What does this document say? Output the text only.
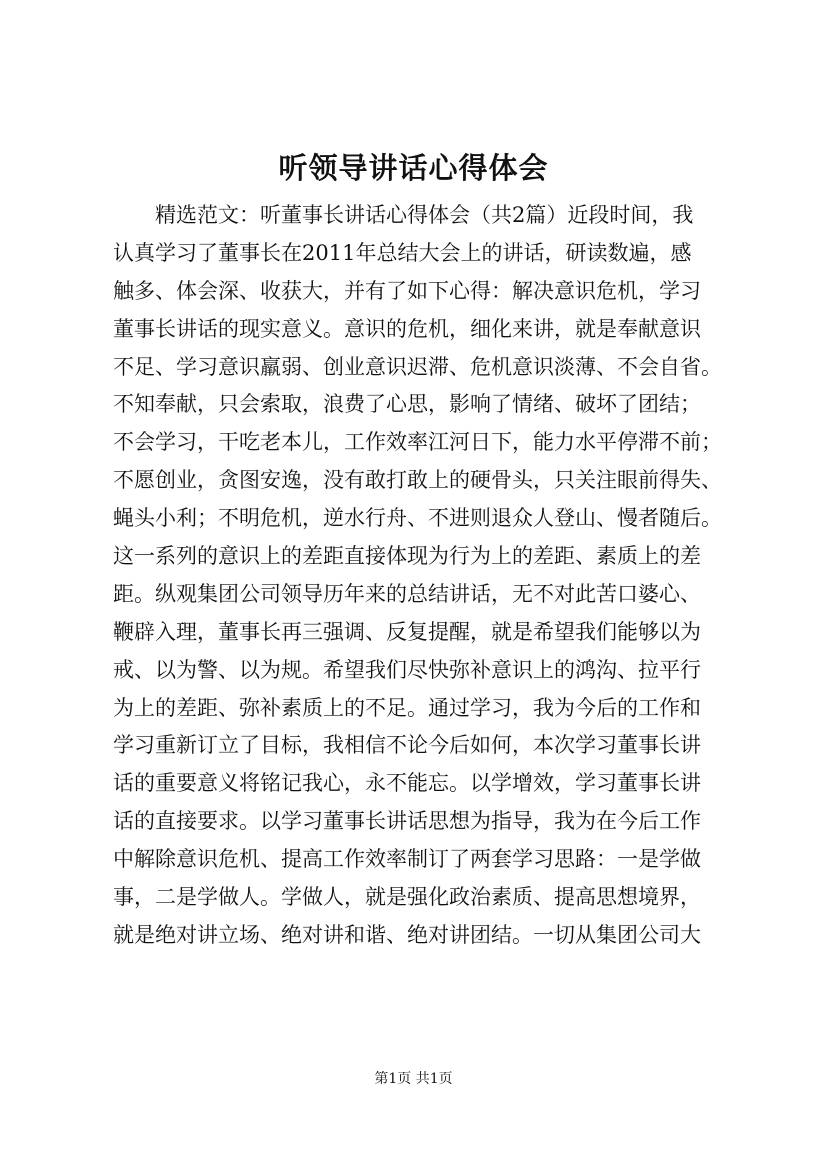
听领导讲话心得体会
精选范文：听董事长讲话心得体会（共2篇）近段时间，我
认真学习了董事长在2011年总结大会上的讲话，研读数遍，感
触多、体会深、收获大，并有了如下心得：解决意识危机，学习
董事长讲话的现实意义。意识的危机，细化来讲，就是奉献意识
不足、学习意识羸弱、创业意识迟滞、危机意识淡薄、不会自省。
不知奉献，只会索取，浪费了心思，影响了情绪、破坏了团结；
不会学习，干吃老本儿，工作效率江河日下，能力水平停滞不前；
不愿创业，贪图安逸，没有敢打敢上的硬骨头，只关注眼前得失、
蝇头小利；不明危机，逆水行舟、不进则退众人登山、慢者随后。
这一系列的意识上的差距直接体现为行为上的差距、素质上的差
距。纵观集团公司领导历年来的总结讲话，无不对此苦口婆心、
鞭辟入理，董事长再三强调、反复提醒，就是希望我们能够以为
戒、以为警、以为规。希望我们尽快弥补意识上的鸿沟、拉平行
为上的差距、弥补素质上的不足。通过学习，我为今后的工作和
学习重新订立了目标，我相信不论今后如何，本次学习董事长讲
话的重要意义将铭记我心，永不能忘。以学增效，学习董事长讲
话的直接要求。以学习董事长讲话思想为指导，我为在今后工作
中解除意识危机、提高工作效率制订了两套学习思路：一是学做
事，二是学做人。学做人，就是强化政治素质、提高思想境界，
就是绝对讲立场、绝对讲和谐、绝对讲团结。一切从集团公司大
第1页 共1页
